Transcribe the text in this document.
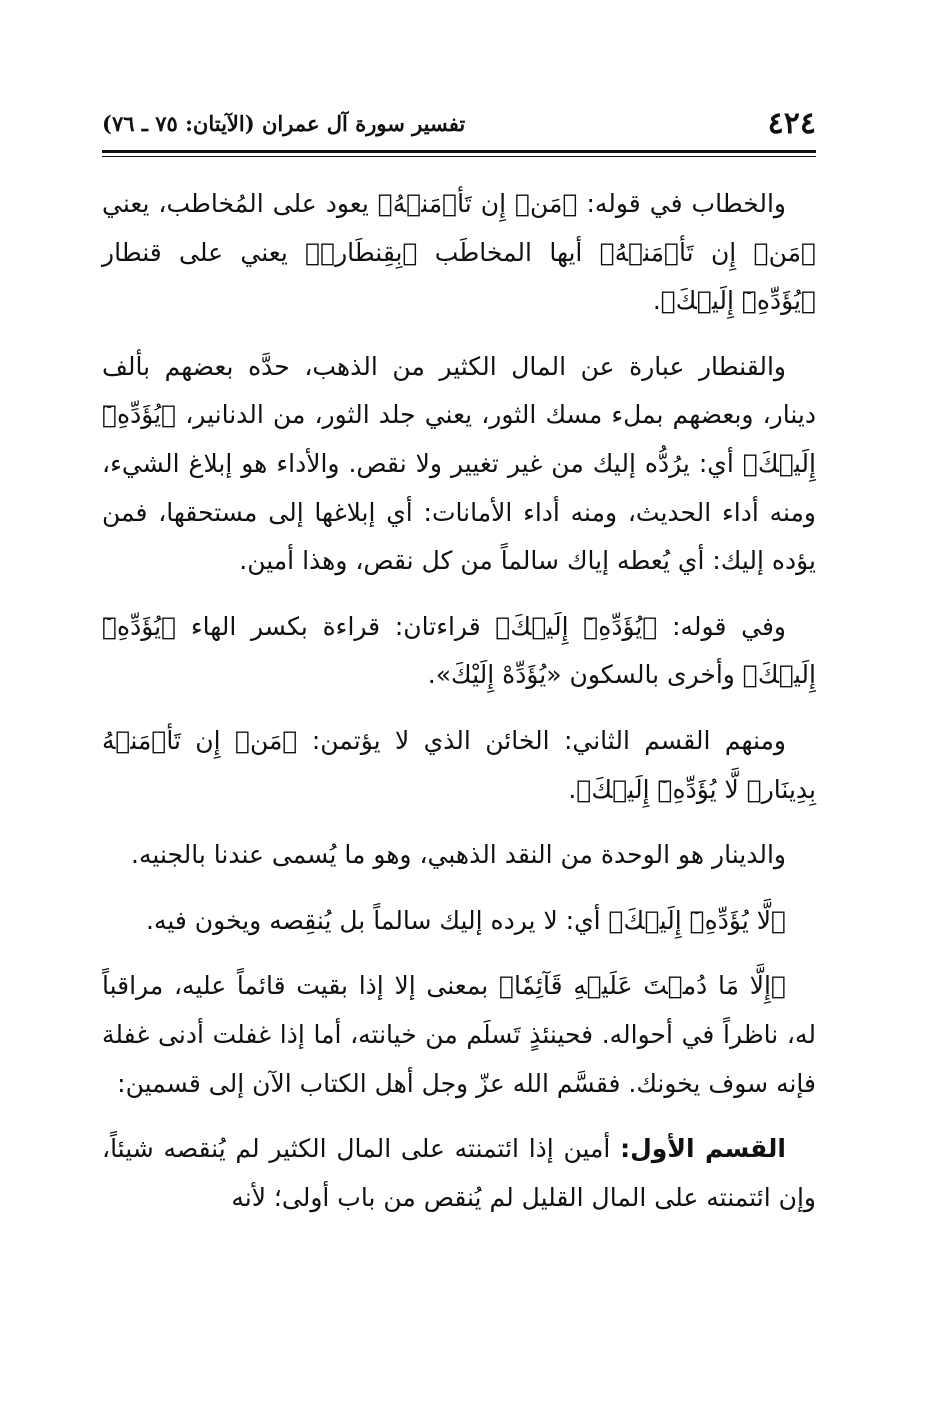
٤٢٤
تفسير سورة آل عمران (الآيتان: ٧٥ ـ ٧٦)

والخطاب في قوله: ﴿مَنۡ إِن تَأۡمَنۡهُ﴾ يعود على المُخاطب، يعني ﴿مَنۡ إِن تَأۡمَنۡهُ﴾ أيها المخاطَب ﴿بِقِنطَارٖ﴾ يعني على قنطار ﴿يُؤَدِّهِۦٓ إِلَيۡكَ﴾.

والقنطار عبارة عن المال الكثير من الذهب، حدَّه بعضهم بألف دينار، وبعضهم بملء مسك الثور، يعني جلد الثور، من الدنانير، ﴿يُؤَدِّهِۦٓ إِلَيۡكَ﴾ أي: يرُدُّه إليك من غير تغيير ولا نقص. والأداء هو إبلاغ الشيء، ومنه أداء الحديث، ومنه أداء الأمانات: أي إبلاغها إلى مستحقها، فمن يؤده إليك: أي يُعطه إياك سالماً من كل نقص، وهذا أمين.

وفي قوله: ﴿يُؤَدِّهِۦٓ إِلَيۡكَ﴾ قراءتان: قراءة بكسر الهاء ﴿يُؤَدِّهِۦٓ إِلَيۡكَ﴾ وأخرى بالسكون «يُؤَدِّهْ إِلَيْكَ».

ومنهم القسم الثاني: الخائن الذي لا يؤتمن: ﴿مَنۡ إِن تَأۡمَنۡهُ بِدِينَارٖ لَّا يُؤَدِّهِۦٓ إِلَيۡكَ﴾.

والدينار هو الوحدة من النقد الذهبي، وهو ما يُسمى عندنا بالجنيه.

﴿لَّا يُؤَدِّهِۦٓ إِلَيۡكَ﴾ أي: لا يرده إليك سالماً بل يُنقِصه ويخون فيه.

﴿إِلَّا مَا دُمۡتَ عَلَيۡهِ قَآئِمٗا﴾ بمعنى إلا إذا بقيت قائماً عليه، مراقباً له، ناظراً في أحواله. فحينئذٍ تَسلَم من خيانته، أما إذا غفلت أدنى غفلة فإنه سوف يخونك. فقسَّم الله عزّ وجل أهل الكتاب الآن إلى قسمين:

القسم الأول: أمين إذا ائتمنته على المال الكثير لم يُنقصه شيئاً، وإن ائتمنته على المال القليل لم يُنقص من باب أولى؛ لأنه
